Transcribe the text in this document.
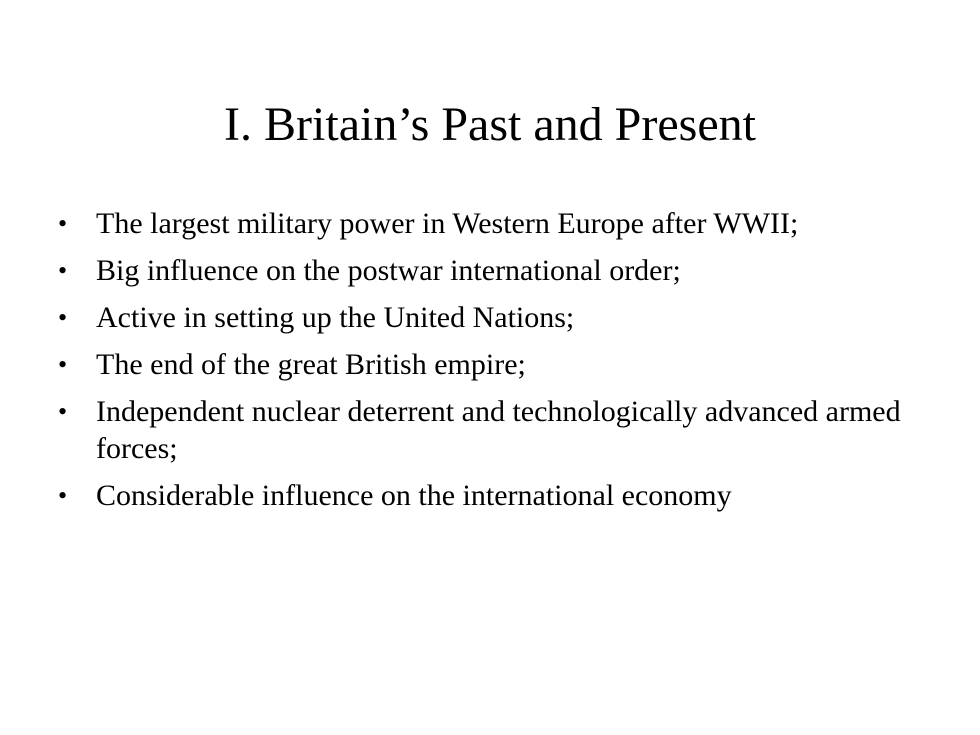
I. Britain’s Past and Present
• The largest military power in Western Europe after WWII;
• Big influence on the postwar international order;
• Active in setting up the United Nations;
• The end of the great British empire;
• Independent nuclear deterrent and technologically advanced armed forces;
• Considerable influence on the international economy
